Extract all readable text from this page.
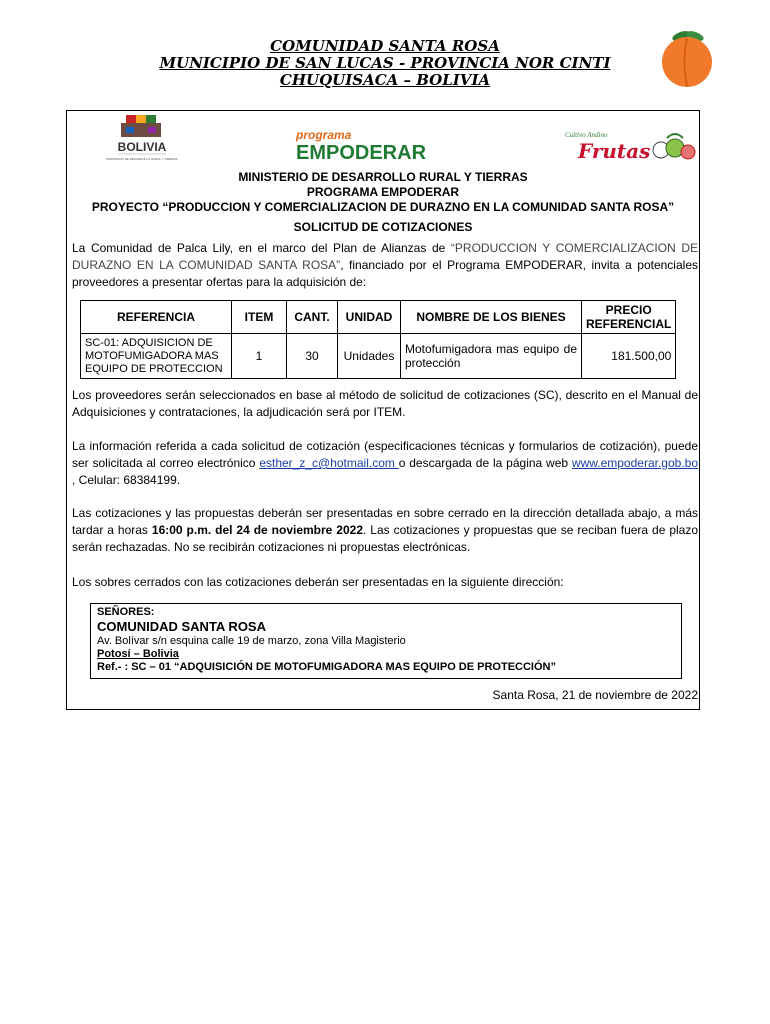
COMUNIDAD SANTA ROSA
MUNICIPIO DE SAN LUCAS - PROVINCIA NOR CINTI
CHUQUISACA – BOLIVIA
BOLIVIA
MINISTERIO DE DESARROLLO RURAL Y TIERRAS
programa
EMPODERAR
Cultivo Andino
Frutas
MINISTERIO DE DESARROLLO RURAL Y TIERRAS
PROGRAMA EMPODERAR
PROYECTO “PRODUCCION Y COMERCIALIZACION DE DURAZNO EN LA COMUNIDAD SANTA ROSA”
SOLICITUD DE COTIZACIONES
La Comunidad de Palca Lily, en el marco del Plan de Alianzas de “PRODUCCION Y COMERCIALIZACION DE DURAZNO EN LA COMUNIDAD SANTA ROSA”, financiado por el Programa EMPODERAR, invita a potenciales proveedores a presentar ofertas para la adquisición de:
REFERENCIA	ITEM	CANT.	UNIDAD	NOMBRE DE LOS BIENES	PRECIO REFERENCIAL
SC-01: ADQUISICION DE MOTOFUMIGADORA MAS EQUIPO DE PROTECCION	1	30	Unidades	Motofumigadora mas equipo de protección	181.500,00
Los proveedores serán seleccionados en base al método de solicitud de cotizaciones (SC), descrito en el Manual de Adquisiciones y contrataciones, la adjudicación será por ITEM.
La información referida a cada solicitud de cotización (especificaciones técnicas y formularios de cotización), puede ser solicitada al correo electrónico esther_z_c@hotmail.com o descargada de la página web www.empoderar.gob.bo , Celular: 68384199.
Las cotizaciones y las propuestas deberán ser presentadas en sobre cerrado en la dirección detallada abajo, a más tardar a horas 16:00 p.m. del 24 de noviembre 2022. Las cotizaciones y propuestas que se reciban fuera de plazo serán rechazadas. No se recibirán cotizaciones ni propuestas electrónicas.
Los sobres cerrados con las cotizaciones deberán ser presentadas en la siguiente dirección:
SEÑORES:
COMUNIDAD SANTA ROSA
Av. Bolívar s/n esquina calle 19 de marzo, zona Villa Magisterio
Potosí – Bolivia
Ref.- : SC – 01 “ADQUISICIÓN DE MOTOFUMIGADORA MAS EQUIPO DE PROTECCIÓN”
Santa Rosa, 21 de noviembre de 2022
